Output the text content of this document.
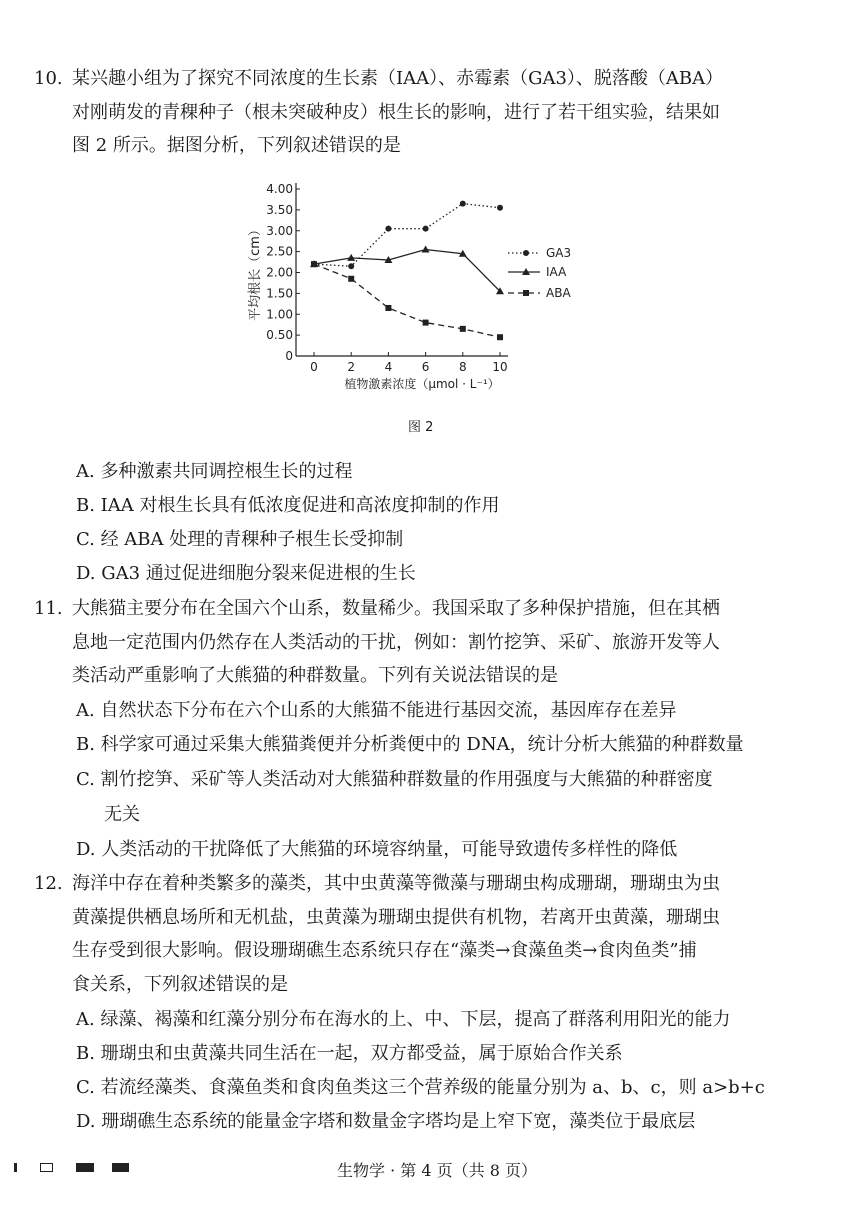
10. 某兴趣小组为了探究不同浓度的生长素（IAA）、赤霉素（GA3）、脱落酸（ABA）
对刚萌发的青稞种子（根未突破种皮）根生长的影响，进行了若干组实验，结果如
图 2 所示。据图分析，下列叙述错误的是
0
0.50
1.00
1.50
2.00
2.50
3.00
3.50
4.00
0 2 4 6 8 10
植物激素浓度（μmol · L⁻¹）
平均根长（cm）	GA3
IAA
ABA
图 2
A. 多种激素共同调控根生长的过程
B. IAA 对根生长具有低浓度促进和高浓度抑制的作用
C. 经 ABA 处理的青稞种子根生长受抑制
D. GA3 通过促进细胞分裂来促进根的生长
11. 大熊猫主要分布在全国六个山系，数量稀少。我国采取了多种保护措施，但在其栖
息地一定范围内仍然存在人类活动的干扰，例如：割竹挖笋、采矿、旅游开发等人
类活动严重影响了大熊猫的种群数量。下列有关说法错误的是
A. 自然状态下分布在六个山系的大熊猫不能进行基因交流，基因库存在差异
B. 科学家可通过采集大熊猫粪便并分析粪便中的 DNA，统计分析大熊猫的种群数量
C. 割竹挖笋、采矿等人类活动对大熊猫种群数量的作用强度与大熊猫的种群密度
无关
D. 人类活动的干扰降低了大熊猫的环境容纳量，可能导致遗传多样性的降低
12. 海洋中存在着种类繁多的藻类，其中虫黄藻等微藻与珊瑚虫构成珊瑚，珊瑚虫为虫
黄藻提供栖息场所和无机盐，虫黄藻为珊瑚虫提供有机物，若离开虫黄藻，珊瑚虫
生存受到很大影响。假设珊瑚礁生态系统只存在“藻类→食藻鱼类→食肉鱼类”捕
食关系，下列叙述错误的是
A. 绿藻、褐藻和红藻分别分布在海水的上、中、下层，提高了群落利用阳光的能力
B. 珊瑚虫和虫黄藻共同生活在一起，双方都受益，属于原始合作关系
C. 若流经藻类、食藻鱼类和食肉鱼类这三个营养级的能量分别为 a、b、c，则 a>b+c
D. 珊瑚礁生态系统的能量金字塔和数量金字塔均是上窄下宽，藻类位于最底层
生物学 · 第 4 页（共 8 页）
